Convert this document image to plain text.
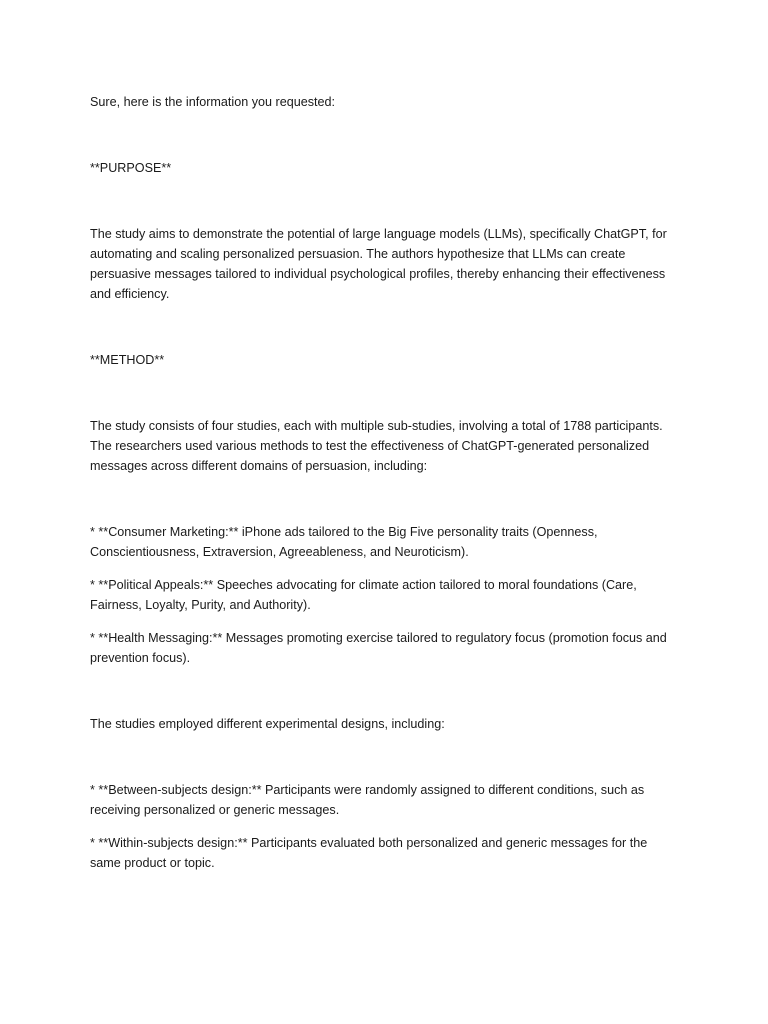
Sure, here is the information you requested:

**PURPOSE**

The study aims to demonstrate the potential of large language models (LLMs), specifically ChatGPT, for automating and scaling personalized persuasion. The authors hypothesize that LLMs can create persuasive messages tailored to individual psychological profiles, thereby enhancing their effectiveness and efficiency.

**METHOD**

The study consists of four studies, each with multiple sub-studies, involving a total of 1788 participants. The researchers used various methods to test the effectiveness of ChatGPT-generated personalized messages across different domains of persuasion, including:

* **Consumer Marketing:** iPhone ads tailored to the Big Five personality traits (Openness, Conscientiousness, Extraversion, Agreeableness, and Neuroticism).

* **Political Appeals:** Speeches advocating for climate action tailored to moral foundations (Care, Fairness, Loyalty, Purity, and Authority).

* **Health Messaging:** Messages promoting exercise tailored to regulatory focus (promotion focus and prevention focus).

The studies employed different experimental designs, including:

* **Between-subjects design:** Participants were randomly assigned to different conditions, such as receiving personalized or generic messages.

* **Within-subjects design:** Participants evaluated both personalized and generic messages for the same product or topic.
